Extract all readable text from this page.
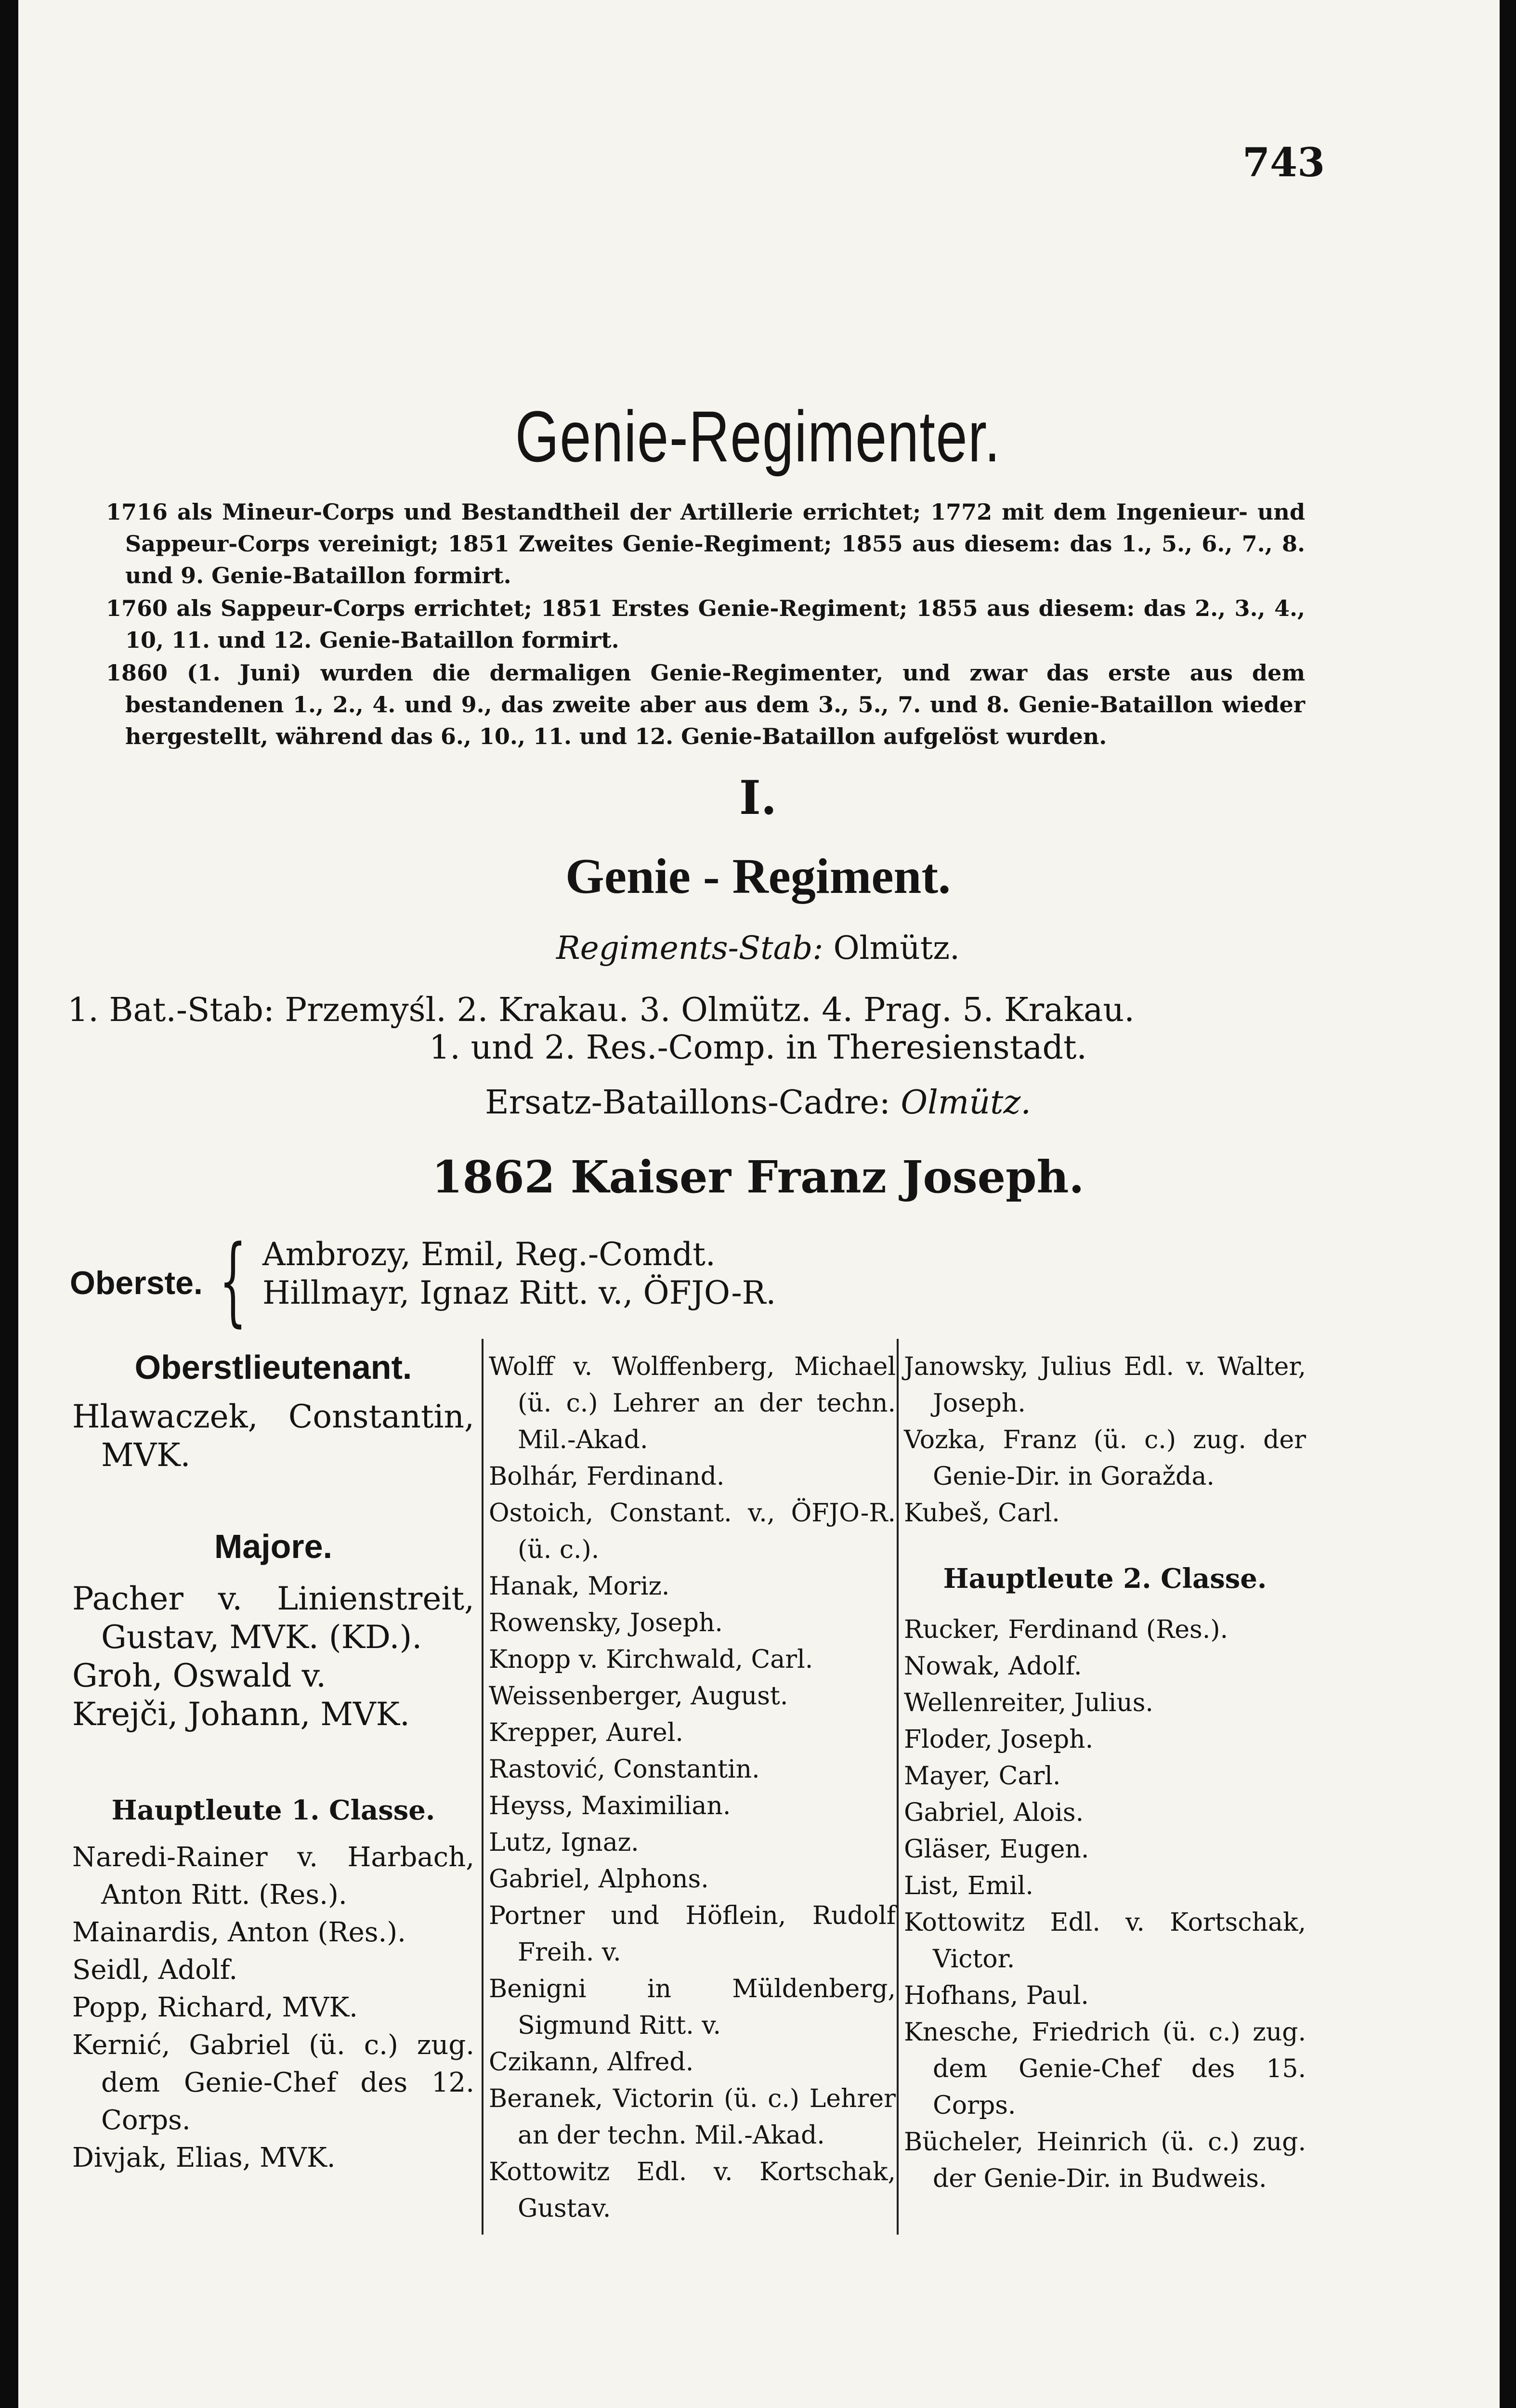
743
Genie-Regimenter.

1716 als Mineur-Corps und Bestandtheil der Artillerie errichtet; 1772 mit dem Ingenieur- und Sappeur-Corps vereinigt; 1851 Zweites Genie-Regiment; 1855 aus diesem: das 1., 5., 6., 7., 8. und 9. Genie-Bataillon formirt.

1760 als Sappeur-Corps errichtet; 1851 Erstes Genie-Regiment; 1855 aus diesem: das 2., 3., 4., 10, 11. und 12. Genie-Bataillon formirt.

1860 (1. Juni) wurden die dermaligen Genie-Regimenter, und zwar das erste aus dem bestandenen 1., 2., 4. und 9., das zweite aber aus dem 3., 5., 7. und 8. Genie-Bataillon wieder hergestellt, während das 6., 10., 11. und 12. Genie-Bataillon aufgelöst wurden.

I.
Genie - Regiment.
Regiments-Stab: Olmütz.
1. Bat.-Stab: Przemyśl. 2. Krakau. 3. Olmütz. 4. Prag. 5. Krakau.
1. und 2. Res.-Comp. in Theresienstadt.
Ersatz-Bataillons-Cadre: Olmütz.
1862 Kaiser Franz Joseph.
Oberste. { Ambrozy, Emil, Reg.-Comdt.
Hillmayr, Ignaz Ritt. v., ÖFJO-R.
Oberstlieutenant.
Hlawaczek, Constantin, MVK.
Majore.
Pacher v. Linienstreit, Gustav, MVK. (KD.).
Groh, Oswald v.
Krejči, Johann, MVK.
Hauptleute 1. Classe.
Naredi-Rainer v. Harbach, Anton Ritt. (Res.).
Mainardis, Anton (Res.).
Seidl, Adolf.
Popp, Richard, MVK.
Kernić, Gabriel (ü. c.) zug. dem Genie-Chef des 12. Corps.
Divjak, Elias, MVK.
Wolff v. Wolffenberg, Michael (ü. c.) Lehrer an der techn. Mil.-Akad.
Bolhár, Ferdinand.
Ostoich, Constant. v., ÖFJO-R. (ü. c.).
Hanak, Moriz.
Rowensky, Joseph.
Knopp v. Kirchwald, Carl.
Weissenberger, August.
Krepper, Aurel.
Rastović, Constantin.
Heyss, Maximilian.
Lutz, Ignaz.
Gabriel, Alphons.
Portner und Höflein, Rudolf Freih. v.
Benigni in Müldenberg, Sigmund Ritt. v.
Czikann, Alfred.
Beranek, Victorin (ü. c.) Lehrer an der techn. Mil.-Akad.
Kottowitz Edl. v. Kortschak, Gustav.
Janowsky, Julius Edl. v. Walter, Joseph.
Vozka, Franz (ü. c.) zug. der Genie-Dir. in Goražda.
Kubeš, Carl.
Hauptleute 2. Classe.
Rucker, Ferdinand (Res.).
Nowak, Adolf.
Wellenreiter, Julius.
Floder, Joseph.
Mayer, Carl.
Gabriel, Alois.
Gläser, Eugen.
List, Emil.
Kottowitz Edl. v. Kortschak, Victor.
Hofhans, Paul.
Knesche, Friedrich (ü. c.) zug. dem Genie-Chef des 15. Corps.
Bücheler, Heinrich (ü. c.) zug. der Genie-Dir. in Budweis.
